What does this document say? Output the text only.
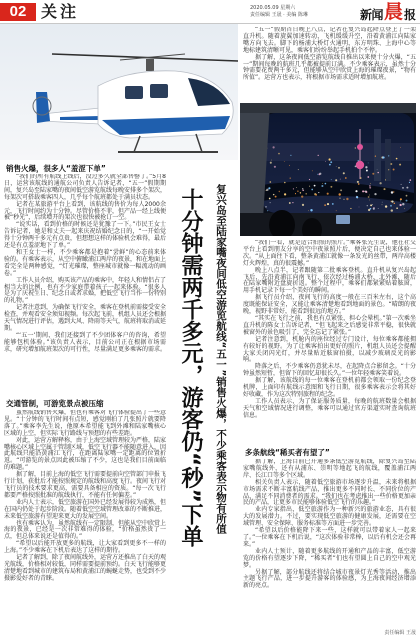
02 关注	2020.05.09 星期六
责任编辑 王晟 · 美编 陈琳	新闻 晨 报

“五一”假期首日晚上八点，记者在复兴岛起降点登上了一架直升机。随着旋翼加速转动，飞机缓缓升空，沿着黄浦江向陆家嘴方向飞去。脚下的杨浦大桥灯火通明，东方明珠、上海中心等地标建筑清晰可见，乘客们纷纷举起手机拍个不停。

据了解，这条夜间低空游览航线自推出以来便十分火爆，“五一”期间每晚的航班几乎都被提前订满。不少乘客表示，虽然十分钟需要花费两千多元，但能够从空中欣赏上海的璀璨夜景，“物有所值”。运营方也表示，将根据市场需求适时增加航班。

复兴岛至陆家嘴夜间低空游览航线“五一”销售火爆，不少乘客表示物有所值
十分钟需两千多元，游客仍“秒”下单
销售火爆，很多人“羞涩下单”

“我们的所有航线上线后，没过多久就全部售罄了。”5月8日，运营该航线的通航公司负责人告诉记者，“五一”假期期间，复兴岛至陆家嘴的夜间低空游览航线每晚安排多个架次，每架次可搭载乘客四人，几乎每个航班都处于满员状态。

记者在某旅游平台上看到，该航线的售价为每人2000余元，飞行时间约为十分钟。尽管价格不菲，但产品一经上线便被“秒光”，后续增开的架次也很快被抢订一空。

“说实话，看到价格的时候还是犹豫了一下。”市民王女士告诉记者，她是和丈夫一起来庆祝结婚纪念日的，“一开始觉得十分钟两千多元有点贵，但想想这样的体验机会难得，最后还是有点羞涩地下了单。”

和王女士一样，不少乘客都是抱着“尝鲜”的心态前来体验的。有乘客表示，从空中俯瞰浦江两岸的夜景，和在地面上看完全是两种感觉，“灯光璀璨，整座城市就像一幅流动的画卷。”

工作人员介绍，购买该产品的乘客中，年轻人和情侣占了相当大的比例，也有不少家庭带着孩子一起来体验。“很多人是为了庆祝生日、纪念日或者求婚，把低空飞行当作一份特别的礼物。”

记者注意到，为确保飞行安全，乘客在登机前需接受安全检查，并观看安全须知视频。每次起飞前，机组人员还会根据天气情况进行评估，遇到大风、降雨等天气，航班将取消或延期。

“‘五一’期间，我们还接到了不少团体客户的咨询，希望能够包机体验。”该负责人表示，目前公司正在根据市场需求，研究增加航班架次的可行性，尽量满足更多乘客的需求。

交通管制，可游览景点被压缩

虽然航线销售火爆，但也有乘客对飞行体验提出了一些意见。“十分钟的飞行时间有点短，感觉刚拍了几张照片就要降落了。”乘客李先生说，他原本希望能飞到外滩和陆家嘴核心区域的上空，但实际飞行路线与预想的有些差距。

对此，运营方解释称，由于上海空域管理较为严格，陆家嘴核心区域上空属于管制区域，低空飞行器不能随意进入，因此航线只能沿黄浦江飞行，在距离陆家嘴一定距离的位置折返。“可游览的景点因此被压缩了不少，这也是我们目前面临的难题。”

据了解，目前上海的低空飞行需要提前向空管部门申报飞行计划，获批后才能按照规定的航线和高度飞行。夜间飞行对飞行员的技术要求更高，需要具备相应的资质。“每一次飞行都要严格按照批准的航线执行，不能有任何偏差。”

业内人士表示，低空旅游在国外已经发展得较为成熟，但在国内仍处于起步阶段。随着低空空域管理改革的不断推进，未来低空旅游有望迎来更大的发展空间。

也有乘客认为，虽然航线有一定限制，但能从空中欣赏上海的夜景，已经是一次非常难得的体验，“价格虽然贵了一点，但总体来说还是值得的。”

“希望以后能开放更多的航线，让大家看到更多不一样的上海。”不少乘客在下机后表达了这样的期待。

记者了解到，除了夜间航线外，运营方还推出了白天的观光航线，价格相对较低，同样需要提前预约。白天飞行能够更清楚地看到城市的建筑布局和黄浦江的蜿蜒走势，也受到不少摄影爱好者的青睐。

“我们一看，就是适合拍照的照片。”乘客张先生说，他在社交平台上看到朋友分享的空中夜景照片后，便决定自己也来体验一次。“从上面往下看，整条黄浦江就像一条发光的丝带，两岸高楼灯火辉煌，真的很震撼。”

晚上八点半，记者跟随第二批乘客登机。直升机从复兴岛起飞后，先沿黄浦江向南飞行，依次经过杨浦大桥、北外滩，随后在陆家嘴附近盘旋折返。整个过程中，乘客们都紧紧贴着舷窗，用手机记录下每一个美好的瞬间。

据飞行员介绍，夜间飞行的高度一般在三百米左右，这个高度既能保证安全，又能让乘客清楚地看到地面的景色。“晴朗的夜晚，视野非常好，能看到很远的地方。”

“其实在飞行之前，我也有点紧张，担心会晕机。”第一次乘坐直升机的陈女士告诉记者，“但飞起来之后感觉非常平稳，很快就被窗外的景色吸引了，完全忘记了紧张。”

记者注意到，机舱内的座位经过专门设计，每位乘客都能拥有较好的视野。为了让乘客拍出更好的照片，机组人员还会提醒大家关闭闪光灯，并尽量贴近舷窗拍摄，以减少玻璃反光的影响。

降落之后，不少乘客仍意犹未尽，在起降点合影留念。“十分钟虽然短暂，但留下的回忆却很长久。”一位年轻乘客笑着说。

据了解，该航线的每一位乘客在登机前都会领取一份纪念登机牌，上面印有航线示意图和飞行日期，很多乘客表示会将其好好收藏，作为这次特别旅程的纪念。

工作人员表示，为了保证服务质量，每晚的航班数量会根据天气和空域情况进行调整，乘客可以通过官方渠道实时查询航班信息。

多条航线“稀买者有望了”

据了解，上海目前已开通多条低空游览航线，除复兴岛至陆家嘴航线外，还有从浦东、崇明等地起飞的航线，覆盖浦江两岸、长江口等多个区域。

相关负责人表示，随着低空旅游市场逐步升温，未来将根据市场需求不断丰富航线产品，推出更多不同时长、不同价位的产品，满足不同消费者的需求。“我们也在考虑推出一些价格更加亲民的产品，让更多市民能够体验低空飞行的乐趣。”

业内专家指出，低空旅游作为一种新兴的旅游业态，具有很大的发展潜力。不过，要实现低空旅游的健康发展，还需要在空域管理、安全保障、服务标准等方面进一步完善。

“希望以后价格能降下来一些，这样就可以带着家人一起来了。”一位乘客在下机后说，“这次体验非常棒，以后有机会还会再来。”

业内人士预计，随着更多航线的开通和产品的丰富，低空游览的价格有望逐步下降，“稀买者”们也有望圆上自己的空中观光梦。

另据了解，部分航线还将结合城市夜景灯光秀等活动，推出主题飞行产品，进一步提升游客的体验感，为上海夜间经济增添新的亮点。

责任编辑 王晟
